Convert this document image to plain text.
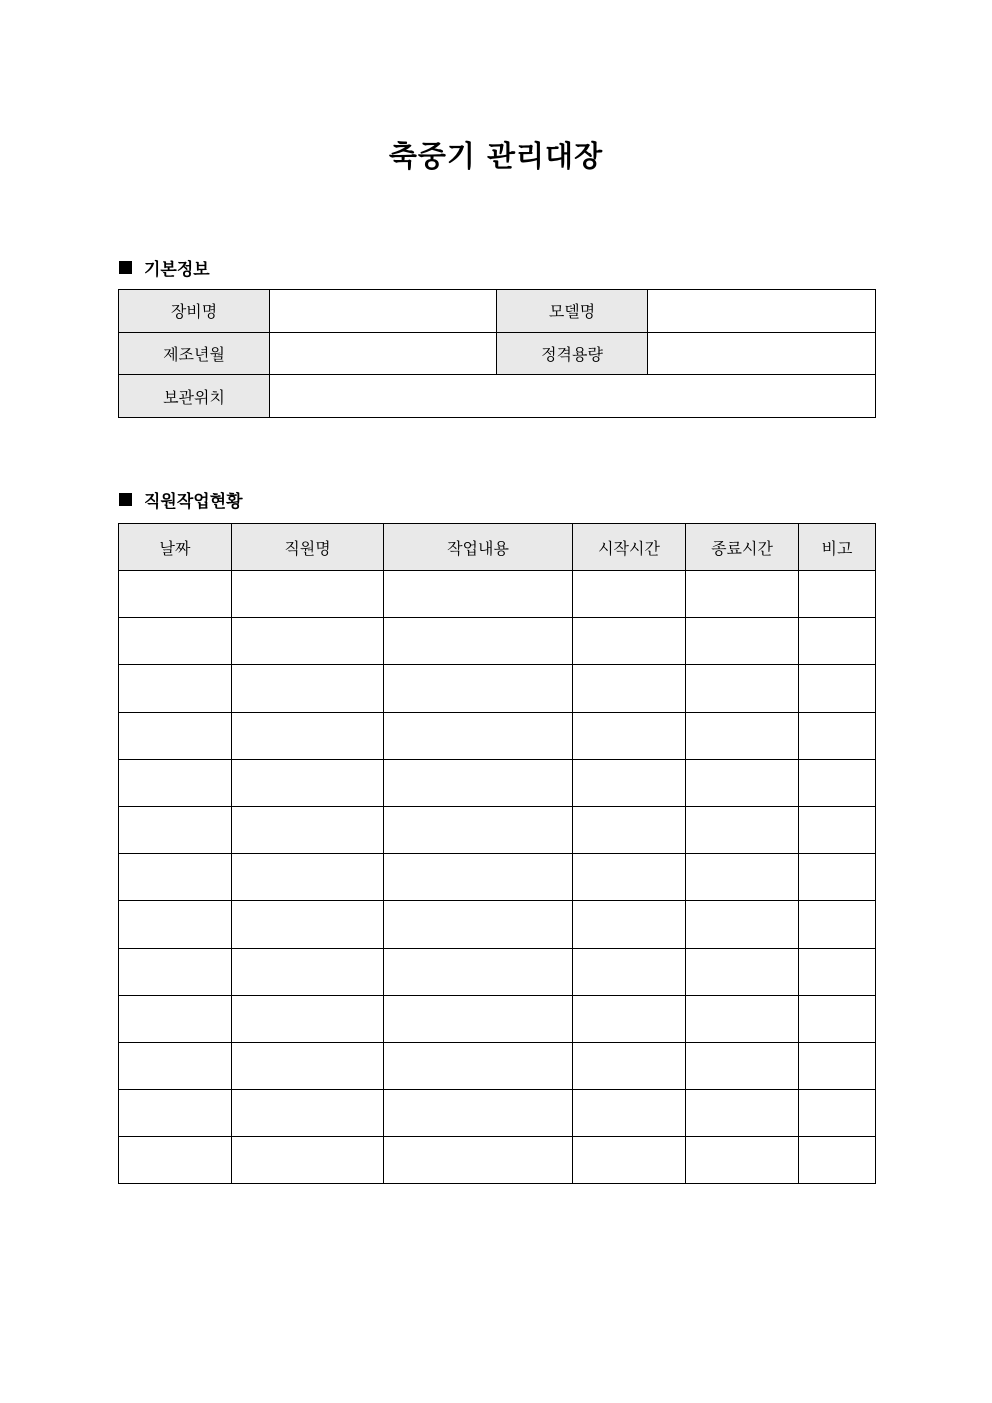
축중기 관리대장
기본정보
장비명		모델명	
제조년월		정격용량	
보관위치			
직원작업현황
날짜	직원명	작업내용	시작시간	종료시간	비고
